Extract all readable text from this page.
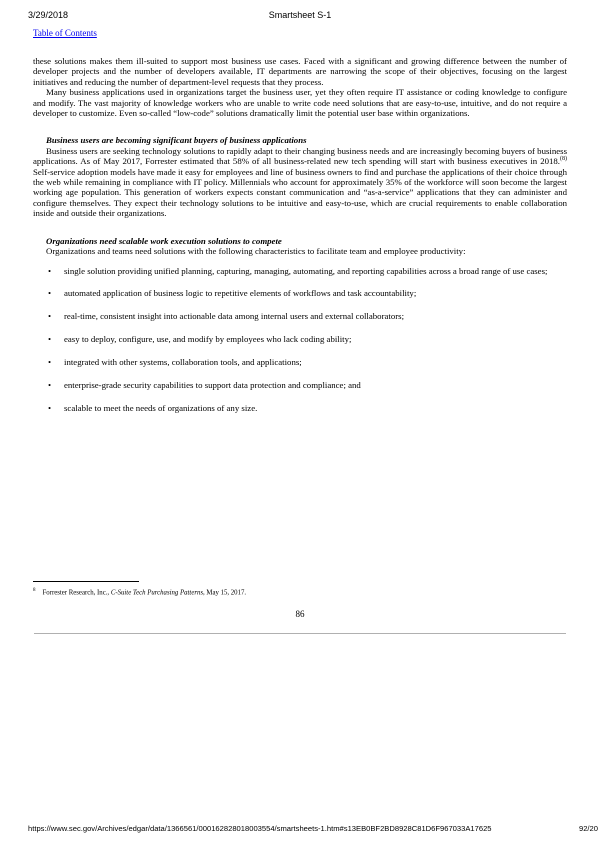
3/29/2018	Smartsheet S-1
Table of Contents

these solutions makes them ill-suited to support most business use cases. Faced with a significant and growing difference between the number of developer projects and the number of developers available, IT departments are narrowing the scope of their objectives, focusing on the largest initiatives and reducing the number of department-level requests that they process.

Many business applications used in organizations target the business user, yet they often require IT assistance or coding knowledge to configure and modify. The vast majority of knowledge workers who are unable to write code need solutions that are easy-to-use, intuitive, and do not require a developer to customize. Even so-called “low-code” solutions dramatically limit the potential user base within organizations.

Business users are becoming significant buyers of business applications

Business users are seeking technology solutions to rapidly adapt to their changing business needs and are increasingly becoming buyers of business applications. As of May 2017, Forrester estimated that 58% of all business-related new tech spending will start with business executives in 2018.$^{(8)}$ Self-service adoption models have made it easy for employees and line of business owners to find and purchase the applications of their choice through the web while remaining in compliance with IT policy. Millennials who account for approximately 35% of the workforce will soon become the largest working age population. This generation of workers expects constant communication and “as-a-service” applications that they can administer and configure themselves. They expect their technology solutions to be intuitive and easy-to-use, which are crucial requirements to enable collaboration inside and outside their organizations.

Organizations need scalable work execution solutions to compete

Organizations and teams need solutions with the following characteristics to facilitate team and employee productivity:

• single solution providing unified planning, capturing, managing, automating, and reporting capabilities across a broad range of use cases;
• automated application of business logic to repetitive elements of workflows and task accountability;
• real-time, consistent insight into actionable data among internal users and external collaborators;
• easy to deploy, configure, use, and modify by employees who lack coding ability;
• integrated with other systems, collaboration tools, and applications;
• enterprise-grade security capabilities to support data protection and compliance; and
• scalable to meet the needs of organizations of any size.
$^8$ Forrester Research, Inc., C-Suite Tech Purchasing Patterns, May 15, 2017.
86
https://www.sec.gov/Archives/edgar/data/1366561/000162828018003554/smartsheets-1.htm#s13EB0BF2BD8928C81D6F967033A17625	92/20
